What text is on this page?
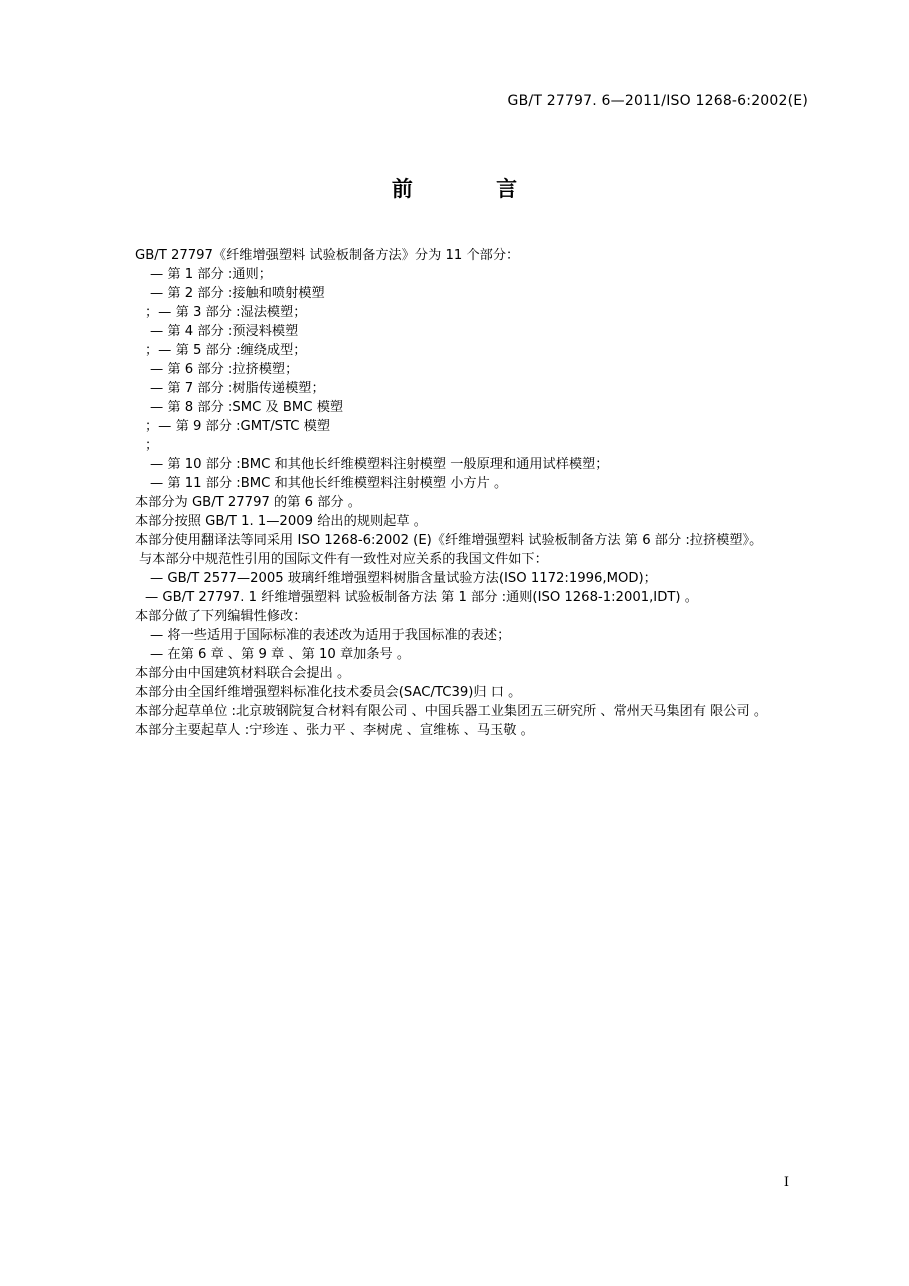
GB/T 27797. 6—2011/ISO 1268-6:2002(E)
前 言
GB/T 27797《纤维增强塑料 试验板制备方法》分为 11 个部分：
— 第 1 部分 :通则；
— 第 2 部分 :接触和喷射模塑
；— 第 3 部分 :湿法模塑；
— 第 4 部分 :预浸料模塑
；— 第 5 部分 :缠绕成型；
— 第 6 部分 :拉挤模塑；
— 第 7 部分 :树脂传递模塑；
— 第 8 部分 :SMC 及 BMC 模塑
；— 第 9 部分 :GMT/STC 模塑
；
— 第 10 部分 :BMC 和其他长纤维模塑料注射模塑 一般原理和通用试样模塑；
— 第 11 部分 :BMC 和其他长纤维模塑料注射模塑 小方片 。
本部分为 GB/T 27797 的第 6 部分 。
本部分按照 GB/T 1. 1—2009 给出的规则起草 。
本部分使用翻译法等同采用 ISO 1268-6:2002 (E)《纤维增强塑料 试验板制备方法 第 6 部分 :拉挤模塑》。
与本部分中规范性引用的国际文件有一致性对应关系的我国文件如下：
— GB/T 2577—2005 玻璃纤维增强塑料树脂含量试验方法(ISO 1172:1996,MOD)；
— GB/T 27797. 1 纤维增强塑料 试验板制备方法 第 1 部分 :通则(ISO 1268-1:2001,IDT) 。
本部分做了下列编辑性修改：
— 将一些适用于国际标准的表述改为适用于我国标准的表述；
— 在第 6 章 、第 9 章 、第 10 章加条号 。
本部分由中国建筑材料联合会提出 。
本部分由全国纤维增强塑料标准化技术委员会(SAC/TC39)归 口 。
本部分起草单位 :北京玻钢院复合材料有限公司 、中国兵器工业集团五三研究所 、常州天马集团有 限公司 。
本部分主要起草人 :宁珍连 、张力平 、李树虎 、宣维栋 、马玉敬 。
I
